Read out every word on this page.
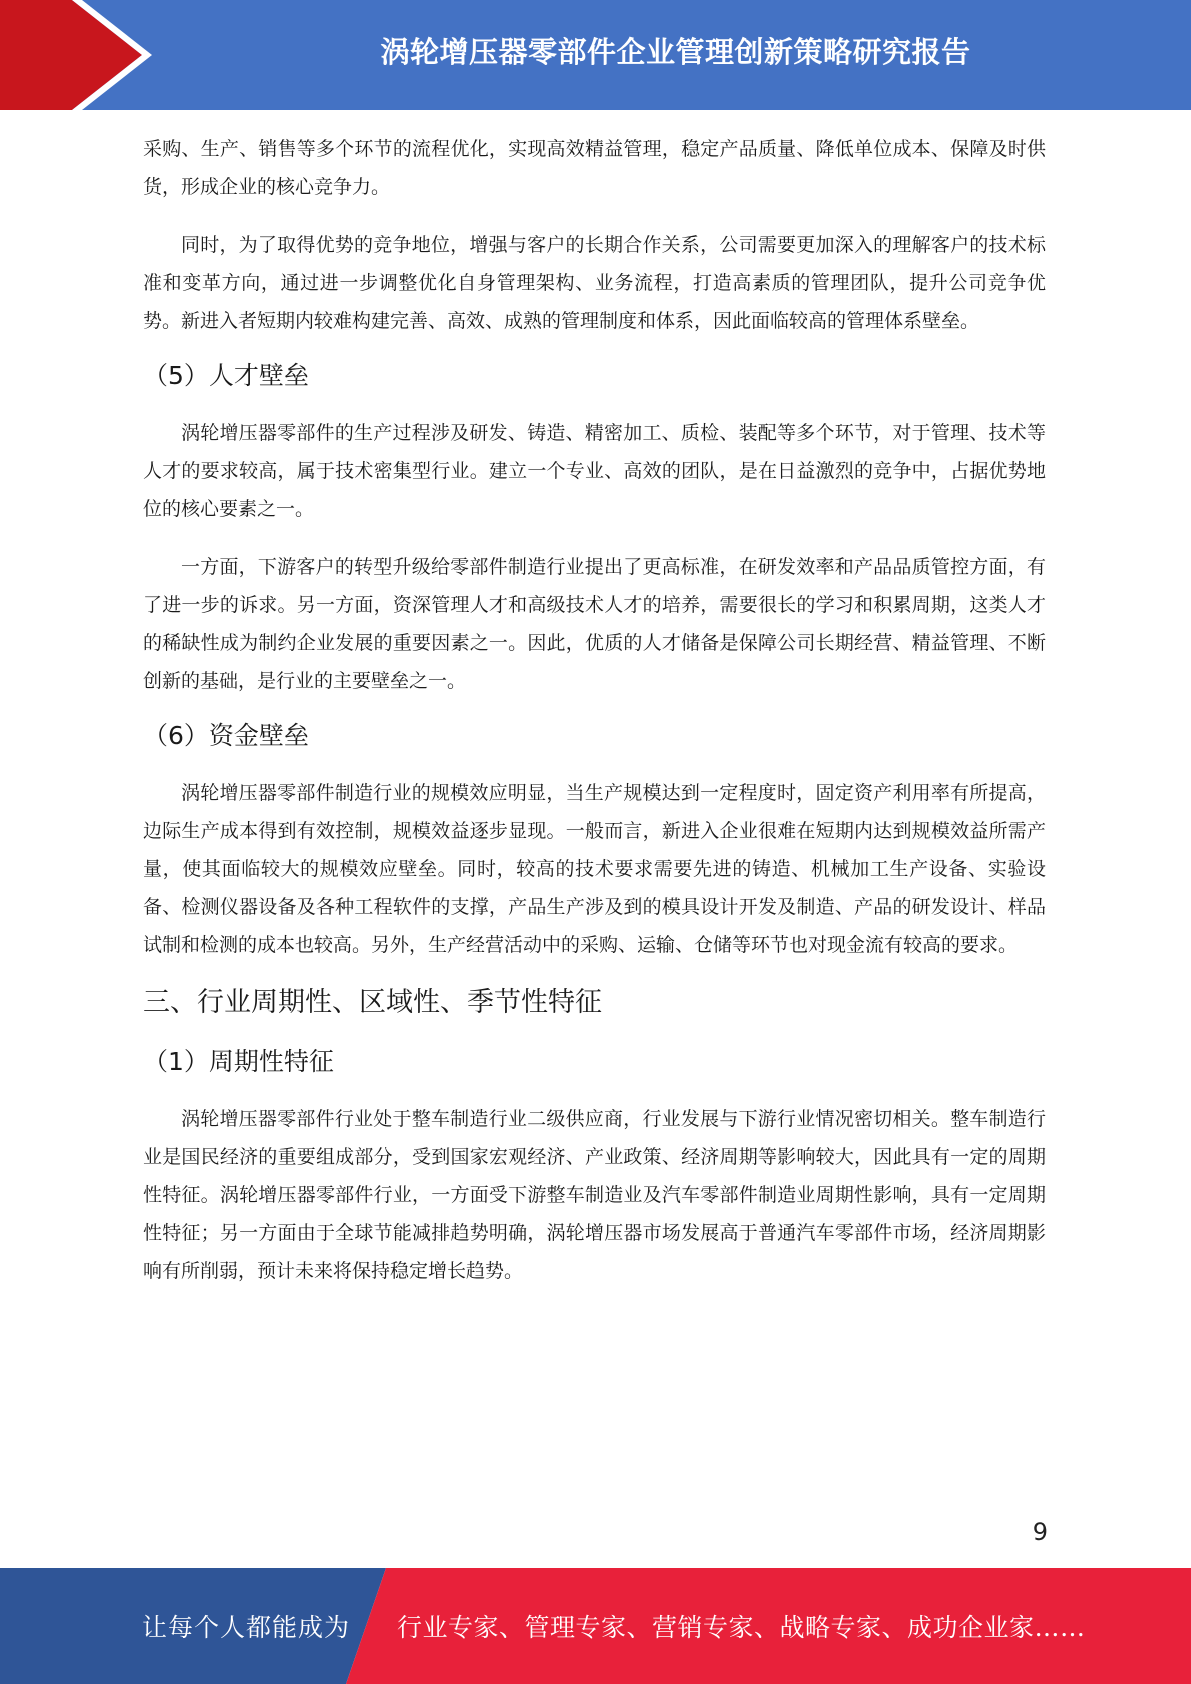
涡轮增压器零部件企业管理创新策略研究报告

采购、生产、销售等多个环节的流程优化，实现高效精益管理，稳定产品质量、降低单位成本、保障及时供货，形成企业的核心竞争力。

同时，为了取得优势的竞争地位，增强与客户的长期合作关系，公司需要更加深入的理解客户的技术标准和变革方向，通过进一步调整优化自身管理架构、业务流程，打造高素质的管理团队，提升公司竞争优势。新进入者短期内较难构建完善、高效、成熟的管理制度和体系，因此面临较高的管理体系壁垒。

（5）人才壁垒

涡轮增压器零部件的生产过程涉及研发、铸造、精密加工、质检、装配等多个环节，对于管理、技术等人才的要求较高，属于技术密集型行业。建立一个专业、高效的团队，是在日益激烈的竞争中，占据优势地位的核心要素之一。

一方面，下游客户的转型升级给零部件制造行业提出了更高标准，在研发效率和产品品质管控方面，有了进一步的诉求。另一方面，资深管理人才和高级技术人才的培养，需要很长的学习和积累周期，这类人才的稀缺性成为制约企业发展的重要因素之一。因此，优质的人才储备是保障公司长期经营、精益管理、不断创新的基础，是行业的主要壁垒之一。

（6）资金壁垒

涡轮增压器零部件制造行业的规模效应明显，当生产规模达到一定程度时，固定资产利用率有所提高，边际生产成本得到有效控制，规模效益逐步显现。一般而言，新进入企业很难在短期内达到规模效益所需产量，使其面临较大的规模效应壁垒。同时，较高的技术要求需要先进的铸造、机械加工生产设备、实验设备、检测仪器设备及各种工程软件的支撑，产品生产涉及到的模具设计开发及制造、产品的研发设计、样品试制和检测的成本也较高。另外，生产经营活动中的采购、运输、仓储等环节也对现金流有较高的要求。

三、行业周期性、区域性、季节性特征
（1）周期性特征

涡轮增压器零部件行业处于整车制造行业二级供应商，行业发展与下游行业情况密切相关。整车制造行业是国民经济的重要组成部分，受到国家宏观经济、产业政策、经济周期等影响较大，因此具有一定的周期性特征。涡轮增压器零部件行业，一方面受下游整车制造业及汽车零部件制造业周期性影响，具有一定周期性特征；另一方面由于全球节能减排趋势明确，涡轮增压器市场发展高于普通汽车零部件市场，经济周期影响有所削弱，预计未来将保持稳定增长趋势。

9
让每个人都能成为 行业专家、管理专家、营销专家、战略专家、成功企业家……
